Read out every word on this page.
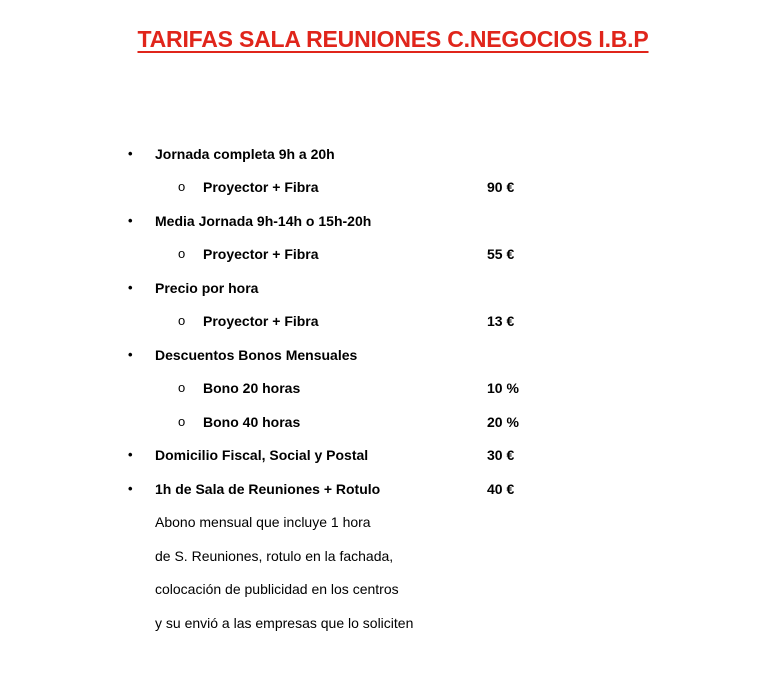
TARIFAS SALA REUNIONES C.NEGOCIOS I.B.P
• Jornada completa 9h a 20h
o Proyector + Fibra	90 €
• Media Jornada 9h-14h o 15h-20h
o Proyector + Fibra	55 €
• Precio por hora
o Proyector + Fibra	13 €
• Descuentos Bonos Mensuales
o Bono 20 horas	10 %
o Bono 40 horas	20 %
• Domicilio Fiscal, Social y Postal	30 €
• 1h de Sala de Reuniones + Rotulo	40 €
Abono mensual que incluye 1 hora
de S. Reuniones, rotulo en la fachada,
colocación de publicidad en los centros
y su envió a las empresas que lo soliciten
